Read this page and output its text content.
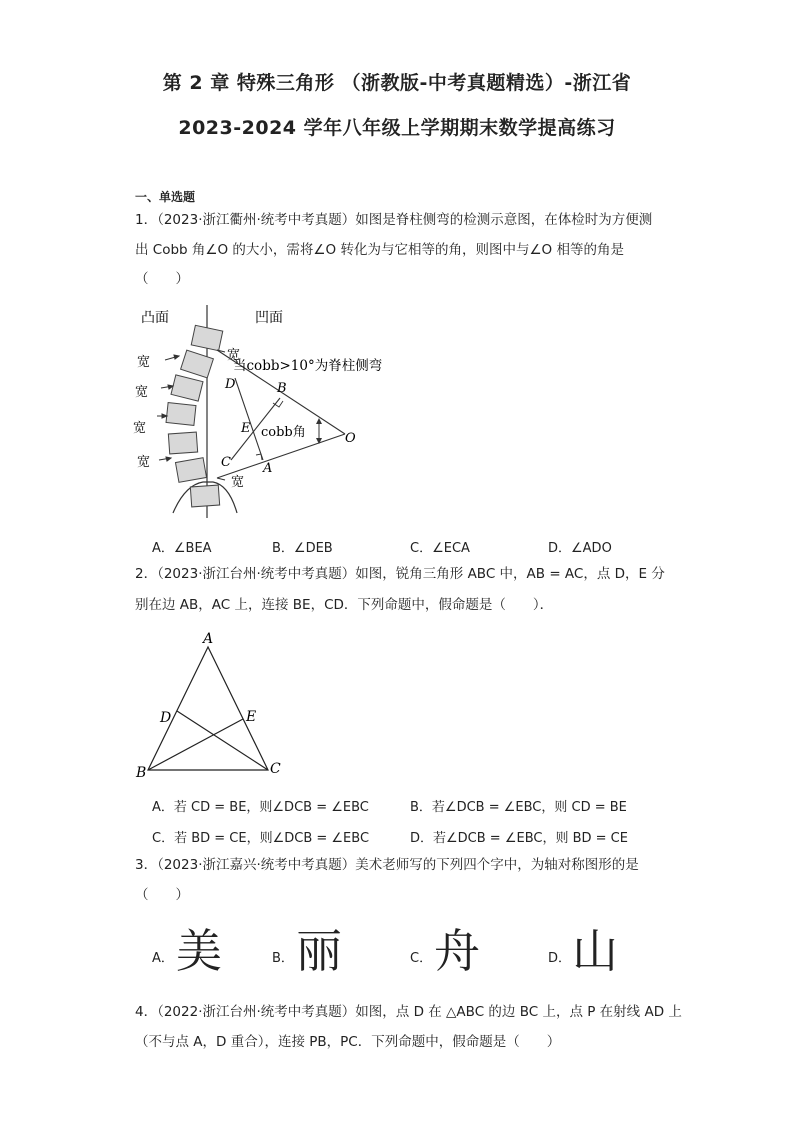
第 2 章 特殊三角形 （浙教版-中考真题精选）-浙江省
2023-2024 学年八年级上学期期末数学提高练习
一、单选题
1．（2023·浙江衢州·统考中考真题）如图是脊柱侧弯的检测示意图，在体检时为方便测
出 Cobb 角∠O 的大小，需将∠O 转化为与它相等的角，则图中与∠O 相等的角是
（　　）
凸面	凹面
宽
当cobb>10°为脊柱侧弯
宽
宽
宽
宽
宽
cobb角
D	B
E
C A
O
A．∠BEA	B．∠DEB	C．∠ECA	D．∠ADO
2．（2023·浙江台州·统考中考真题）如图，锐角三角形 ABC 中，AB = AC，点 D，E 分
别在边 AB，AC 上，连接 BE，CD．下列命题中，假命题是（　　）．
A
D	E
B	C
A．若 CD = BE，则∠DCB = ∠EBC	B．若∠DCB = ∠EBC，则 CD = BE
C．若 BD = CE，则∠DCB = ∠EBC	D．若∠DCB = ∠EBC，则 BD = CE
3．（2023·浙江嘉兴·统考中考真题）美术老师写的下列四个字中，为轴对称图形的是
（　　）
A． 美	B． 丽	C． 舟	D． 山
4．（2022·浙江台州·统考中考真题）如图，点 D 在 △ABC 的边 BC 上，点 P 在射线 AD 上
（不与点 A，D 重合），连接 PB，PC．下列命题中，假命题是（　　）
